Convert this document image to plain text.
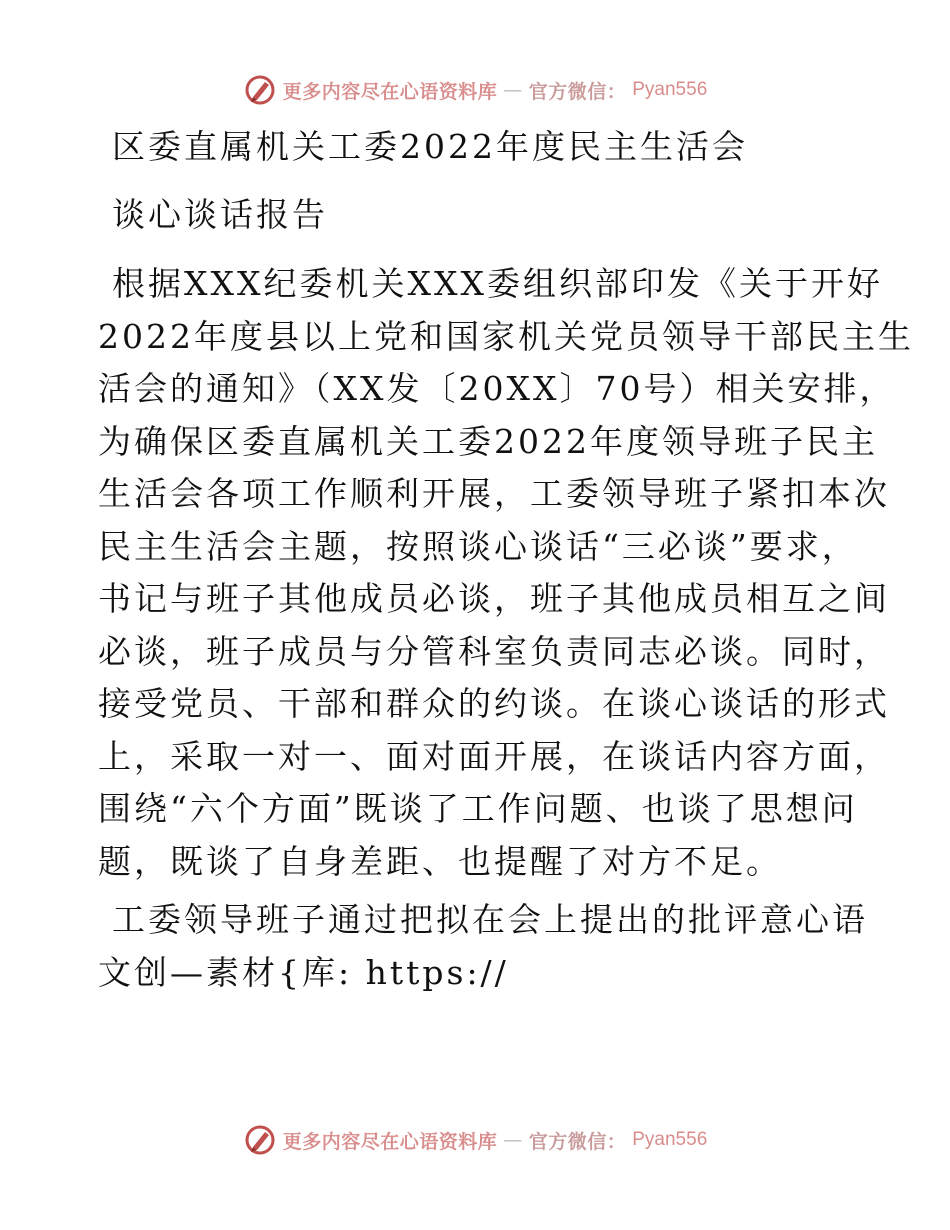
更多内容尽在心语资料库 — 官方微信： Pyan556
区委直属机关工委2022年度民主生活会
谈心谈话报告
根据XXX纪委机关XXX委组织部印发《关于开好
2022年度县以上党和国家机关党员领导干部民主生
活会的通知》（XX发〔20XX〕70号）相关安排，
为确保区委直属机关工委2022年度领导班子民主
生活会各项工作顺利开展，工委领导班子紧扣本次
民主生活会主题，按照谈心谈话“三必谈”要求，
书记与班子其他成员必谈，班子其他成员相互之间
必谈，班子成员与分管科室负责同志必谈。同时，
接受党员、干部和群众的约谈。在谈心谈话的形式
上，采取一对一、面对面开展，在谈话内容方面，
围绕“六个方面”既谈了工作问题、也谈了思想问
题，既谈了自身差距、也提醒了对方不足。
工委领导班子通过把拟在会上提出的批评意心语
文创—素材{库: https://
更多内容尽在心语资料库 — 官方微信： Pyan556
